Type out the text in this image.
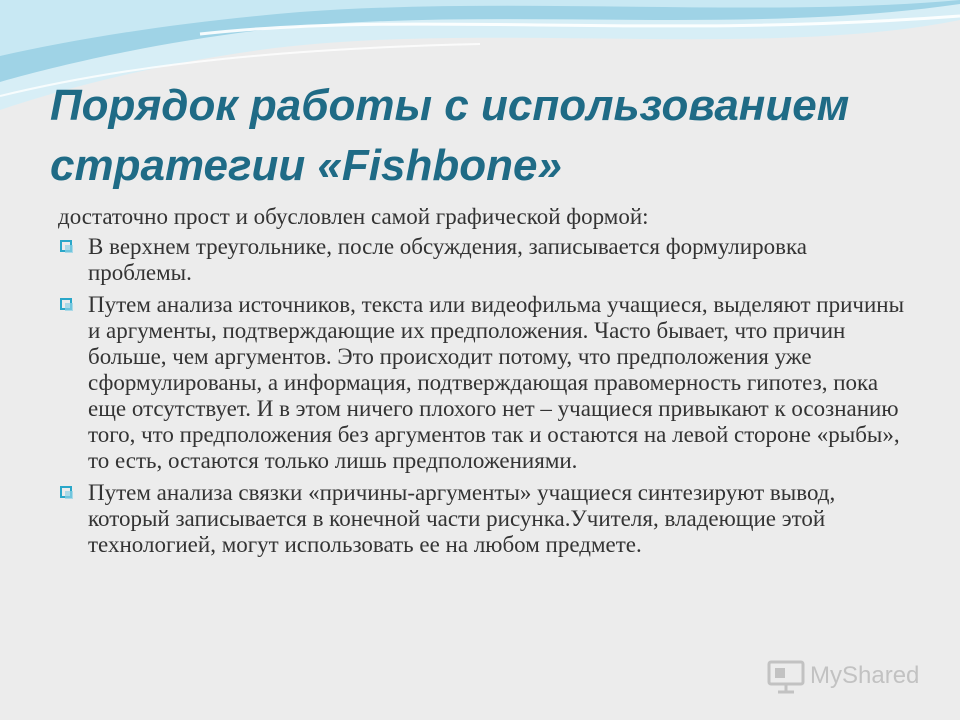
Порядок работы с использованием
стратегии «Fishbone»

достаточно прост и обусловлен самой графической формой:

В верхнем треугольнике, после обсуждения, записывается формулировка проблемы.
Путем анализа источников, текста или видеофильма учащиеся, выделяют причины и аргументы, подтверждающие их предположения. Часто бывает, что причин больше, чем аргументов. Это происходит потому, что предположения уже сформулированы, а информация, подтверждающая правомерность гипотез, пока еще отсутствует. И в этом ничего плохого нет – учащиеся привыкают к осознанию того, что предположения без аргументов так и остаются на левой стороне «рыбы», то есть, остаются только лишь предположениями.
Путем анализа связки «причины-аргументы» учащиеся синтезируют вывод, который записывается в конечной части рисунка.Учителя, владеющие этой технологией, могут использовать ее на любом предмете.
MyShared
